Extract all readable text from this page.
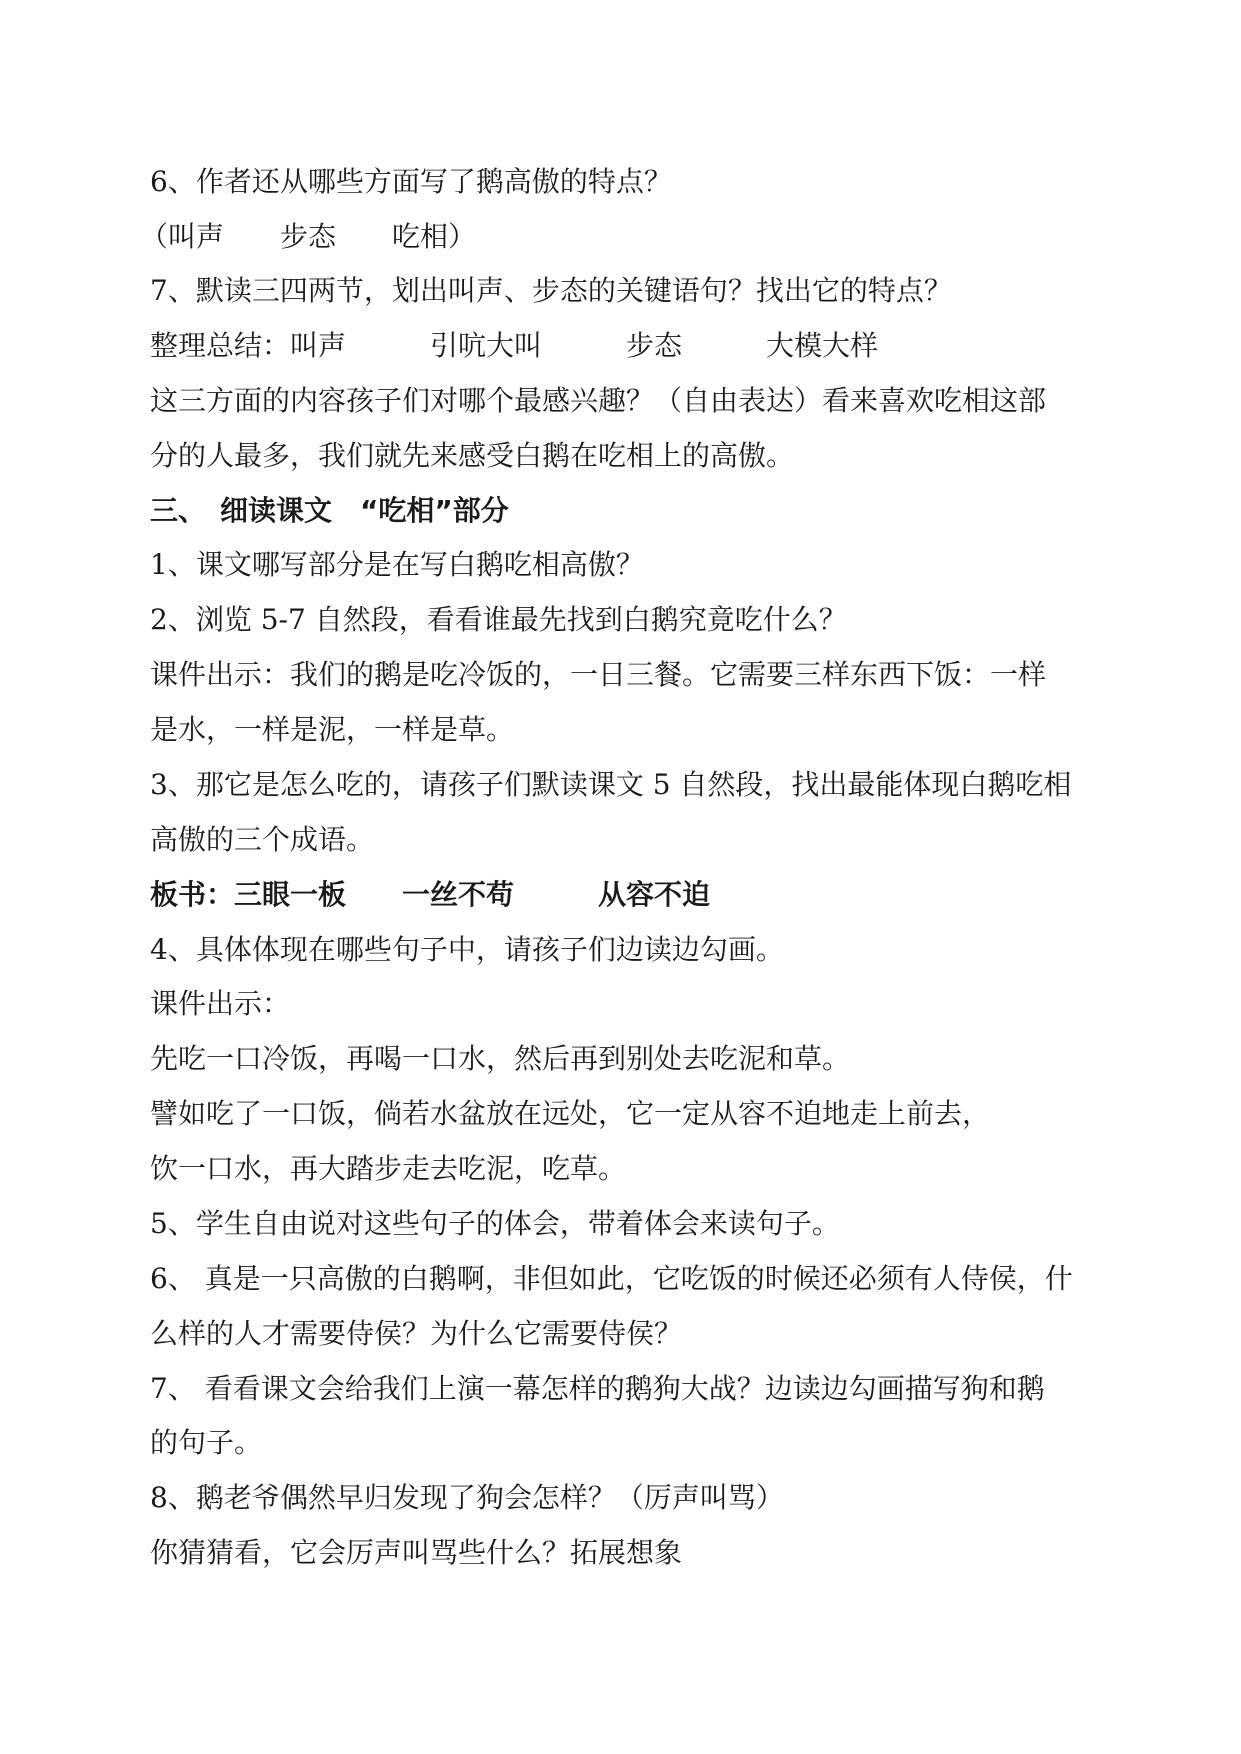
6、作者还从哪些方面写了鹅高傲的特点？
（叫声　　步态　　吃相）
7、默读三四两节，划出叫声、步态的关键语句？找出它的特点？
整理总结：叫声　　　引吭大叫　　　步态　　　大模大样
这三方面的内容孩子们对哪个最感兴趣？（自由表达）看来喜欢吃相这部
分的人最多，我们就先来感受白鹅在吃相上的高傲。
三、　细读课文　“吃相”部分
1、课文哪写部分是在写白鹅吃相高傲？
2、浏览 5-7 自然段，看看谁最先找到白鹅究竟吃什么？
课件出示：我们的鹅是吃冷饭的，一日三餐。它需要三样东西下饭：一样
是水，一样是泥，一样是草。
3、那它是怎么吃的，请孩子们默读课文 5 自然段，找出最能体现白鹅吃相
高傲的三个成语。
板书：三眼一板　　一丝不苟　　　从容不迫
4、具体体现在哪些句子中，请孩子们边读边勾画。
课件出示：
先吃一口冷饭，再喝一口水，然后再到别处去吃泥和草。
譬如吃了一口饭，倘若水盆放在远处，它一定从容不迫地走上前去，
饮一口水，再大踏步走去吃泥，吃草。
5、学生自由说对这些句子的体会，带着体会来读句子。
6、 真是一只高傲的白鹅啊，非但如此，它吃饭的时候还必须有人侍侯，什
么样的人才需要侍侯？为什么它需要侍侯？
7、 看看课文会给我们上演一幕怎样的鹅狗大战？边读边勾画描写狗和鹅
的句子。
8、鹅老爷偶然早归发现了狗会怎样？（厉声叫骂）
你猜猜看，它会厉声叫骂些什么？拓展想象
